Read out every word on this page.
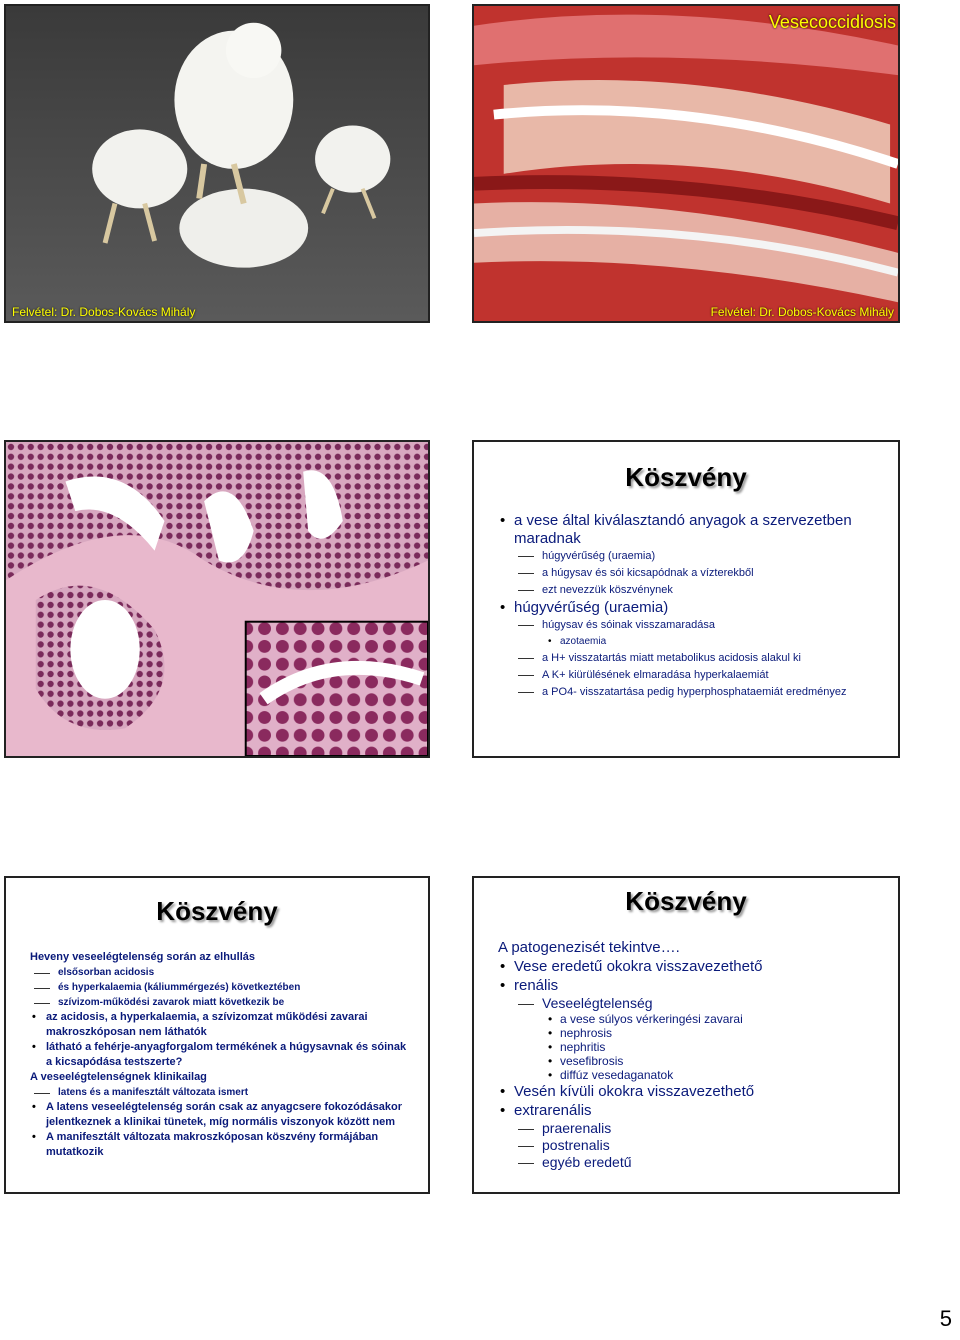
Felvétel: Dr. Dobos-Kovács Mihály
Vesecoccidiosis
Felvétel: Dr. Dobos-Kovács Mihály
Köszvény
• a vese által kiválasztandó anyagok a szervezetben maradnak
húgyvérűség (uraemia)
a húgysav és sói kicsapódnak a vízterekből
ezt nevezzük köszvénynek
• húgyvérűség (uraemia)
húgysav és sóinak visszamaradása
• azotaemia
a H+ visszatartás miatt metabolikus acidosis alakul ki
A K+ kiürülésének elmaradása hyperkalaemiát
a PO4- visszatartása pedig hyperphosphataemiát eredményez
Köszvény
Heveny veseelégtelenség során az elhullás
elsősorban acidosis
és hyperkalaemia (káliummérgezés) következtében
szívizom-működési zavarok miatt következik be
• az acidosis, a hyperkalaemia, a szívizomzat működési zavarai makroszkóposan nem láthatók
• látható a fehérje-anyagforgalom termékének a húgysavnak és sóinak a kicsapódása testszerte?
A veseelégtelenségnek klinikailag
latens és a manifesztált változata ismert
• A latens veseelégtelenség során csak az anyagcsere fokozódásakor jelentkeznek a klinikai tünetek, míg normális viszonyok között nem
• A manifesztált változata makroszkóposan köszvény formájában mutatkozik
Köszvény
A patogenezisét tekintve….
• Vese eredetű okokra visszavezethető
• renális
Veseelégtelenség
• a vese súlyos vérkeringési zavarai
• nephrosis
• nephritis
• vesefibrosis
• diffúz vesedaganatok
• Vesén kívüli okokra visszavezethető
• extrarenális
praerenalis
postrenalis
egyéb eredetű
5
